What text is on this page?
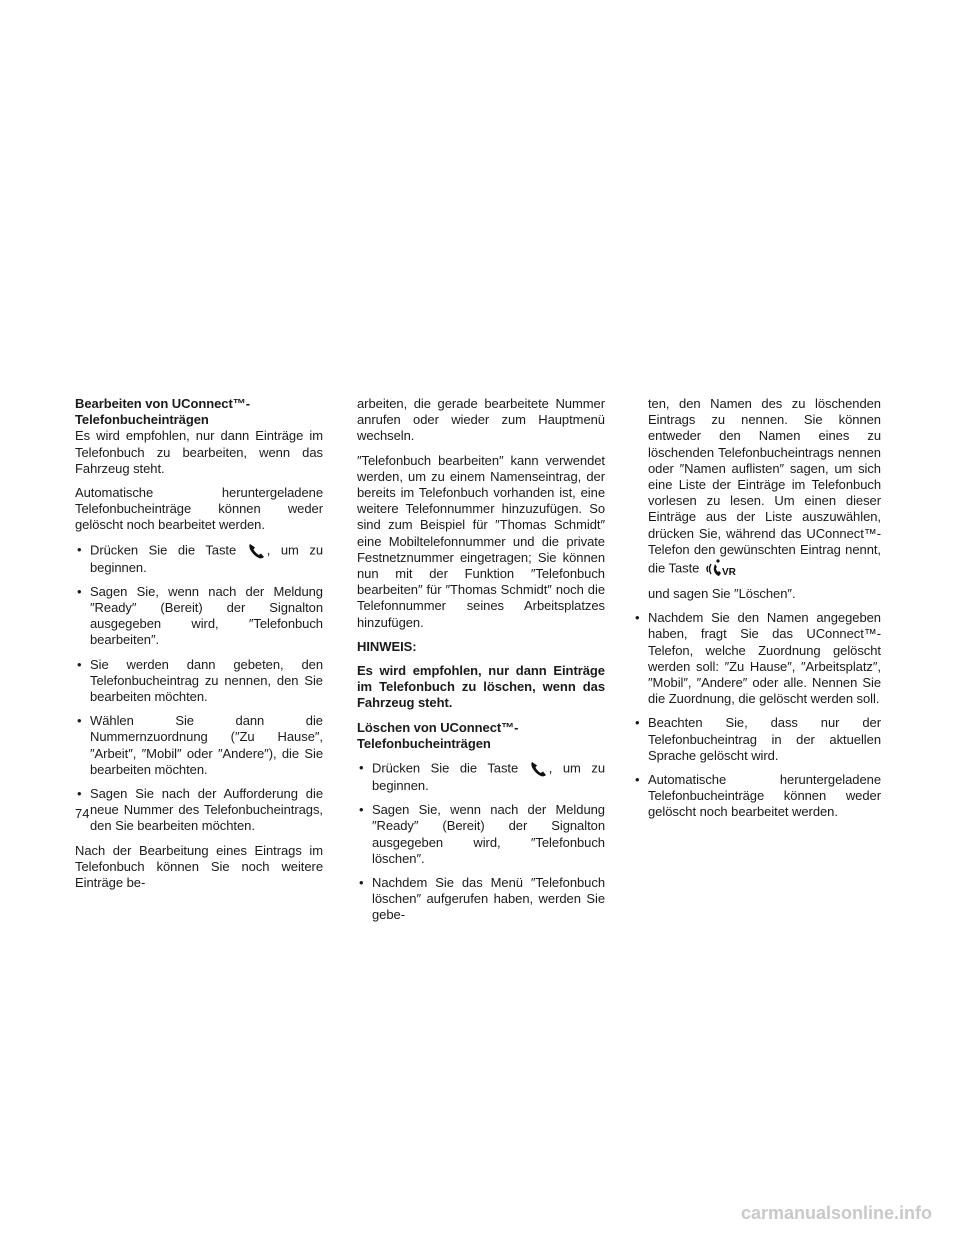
Bearbeiten von UConnect™-
Telefonbucheinträgen

Es wird empfohlen, nur dann Einträge im Telefonbuch zu bearbeiten, wenn das Fahrzeug steht.

Automatische heruntergeladene Telefonbucheinträge können weder gelöscht noch bearbeitet werden.

• Drücken Sie die Taste , um zu beginnen.
• Sagen Sie, wenn nach der Meldung ″Ready″ (Bereit) der Signalton ausgegeben wird, ″Telefonbuch bearbeiten″.
• Sie werden dann gebeten, den Telefonbucheintrag zu nennen, den Sie bearbeiten möchten.
• Wählen Sie dann die Nummernzuordnung (″Zu Hause″, ″Arbeit″, ″Mobil″ oder ″Andere″), die Sie bearbeiten möchten.
• Sagen Sie nach der Aufforderung die neue Nummer des Telefonbucheintrags, den Sie bearbeiten möchten.

Nach der Bearbeitung eines Eintrags im Telefonbuch können Sie noch weitere Einträge be-

arbeiten, die gerade bearbeitete Nummer anrufen oder wieder zum Hauptmenü wechseln.

″Telefonbuch bearbeiten″ kann verwendet werden, um zu einem Namenseintrag, der bereits im Telefonbuch vorhanden ist, eine weitere Telefonnummer hinzuzufügen. So sind zum Beispiel für ″Thomas Schmidt″ eine Mobiltelefonnummer und die private Festnetznummer eingetragen; Sie können nun mit der Funktion ″Telefonbuch bearbeiten″ für ″Thomas Schmidt″ noch die Telefonnummer seines Arbeitsplatzes hinzufügen.

HINWEIS:

Es wird empfohlen, nur dann Einträge im Telefonbuch zu löschen, wenn das Fahrzeug steht.

Löschen von UConnect™-
Telefonbucheinträgen
• Drücken Sie die Taste , um zu beginnen.
• Sagen Sie, wenn nach der Meldung ″Ready″ (Bereit) der Signalton ausgegeben wird, ″Telefonbuch löschen″.
• Nachdem Sie das Menü ″Telefonbuch löschen″ aufgerufen haben, werden Sie gebe-
ten, den Namen des zu löschenden Eintrags zu nennen. Sie können entweder den Namen eines zu löschenden Telefonbucheintrags nennen oder ″Namen auflisten″ sagen, um sich eine Liste der Einträge im Telefonbuch vorlesen zu lesen. Um einen dieser Einträge aus der Liste auszuwählen, drücken Sie, während das UConnect™-Telefon den gewünschten Eintrag nennt, die Taste VR

und sagen Sie ″Löschen″.
• Nachdem Sie den Namen angegeben haben, fragt Sie das UConnect™-Telefon, welche Zuordnung gelöscht werden soll: ″Zu Hause″, ″Arbeitsplatz″, ″Mobil″, ″Andere″ oder alle. Nennen Sie die Zuordnung, die gelöscht werden soll.
• Beachten Sie, dass nur der Telefonbucheintrag in der aktuellen Sprache gelöscht wird.
• Automatische heruntergeladene Telefonbucheinträge können weder gelöscht noch bearbeitet werden.
74
carmanualsonline.info
